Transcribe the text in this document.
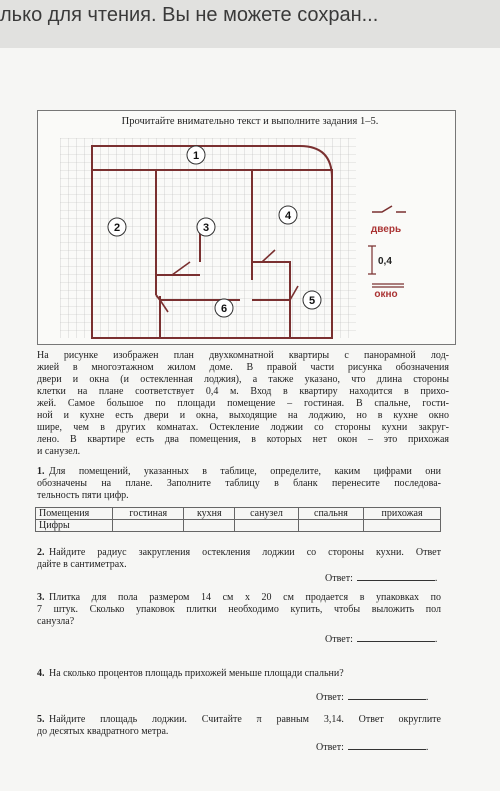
лько для чтения. Вы не можете сохран...
Прочитайте внимательно текст и выполните задания 1–5.
1
2	3
4
5
6
дверь
0,4
окно
На рисунке изображен план двухкомнатной квартиры с панорамной лод-
жией в многоэтажном жилом доме. В правой части рисунка обозначения
двери и окна (и остекленная лоджия), а также указано, что длина стороны
клетки на плане соответствует 0,4 м. Вход в квартиру находится в прихо-
жей. Самое большое по площади помещение – гостиная. В спальне, гости-
ной и кухне есть двери и окна, выходящие на лоджию, но в кухне окно
шире, чем в других комнатах. Остекление лоджии со стороны кухни закруг-
лено. В квартире есть два помещения, в которых нет окон – это прихожая
и санузел.
1. Для помещений, указанных в таблице, определите, каким цифрами они
обозначены на плане. Заполните таблицу в бланк перенесите последова-
тельность пяти цифр.
Помещения	гостиная	кухня	санузел	спальня	прихожая
Цифры					
2. Найдите радиус закругления остекления лоджии со стороны кухни. Ответ
дайте в сантиметрах.
Ответ:	.
3. Плитка для пола размером 14 см х 20 см продается в упаковках по
7 штук. Сколько упаковок плитки необходимо купить, чтобы выложить пол
санузла?
Ответ:	.
4. На сколько процентов площадь прихожей меньше площади спальни?
Ответ:	.
5. Найдите площадь лоджии. Считайте π равным 3,14. Ответ округлите
до десятых квадратного метра.
Ответ:	.
